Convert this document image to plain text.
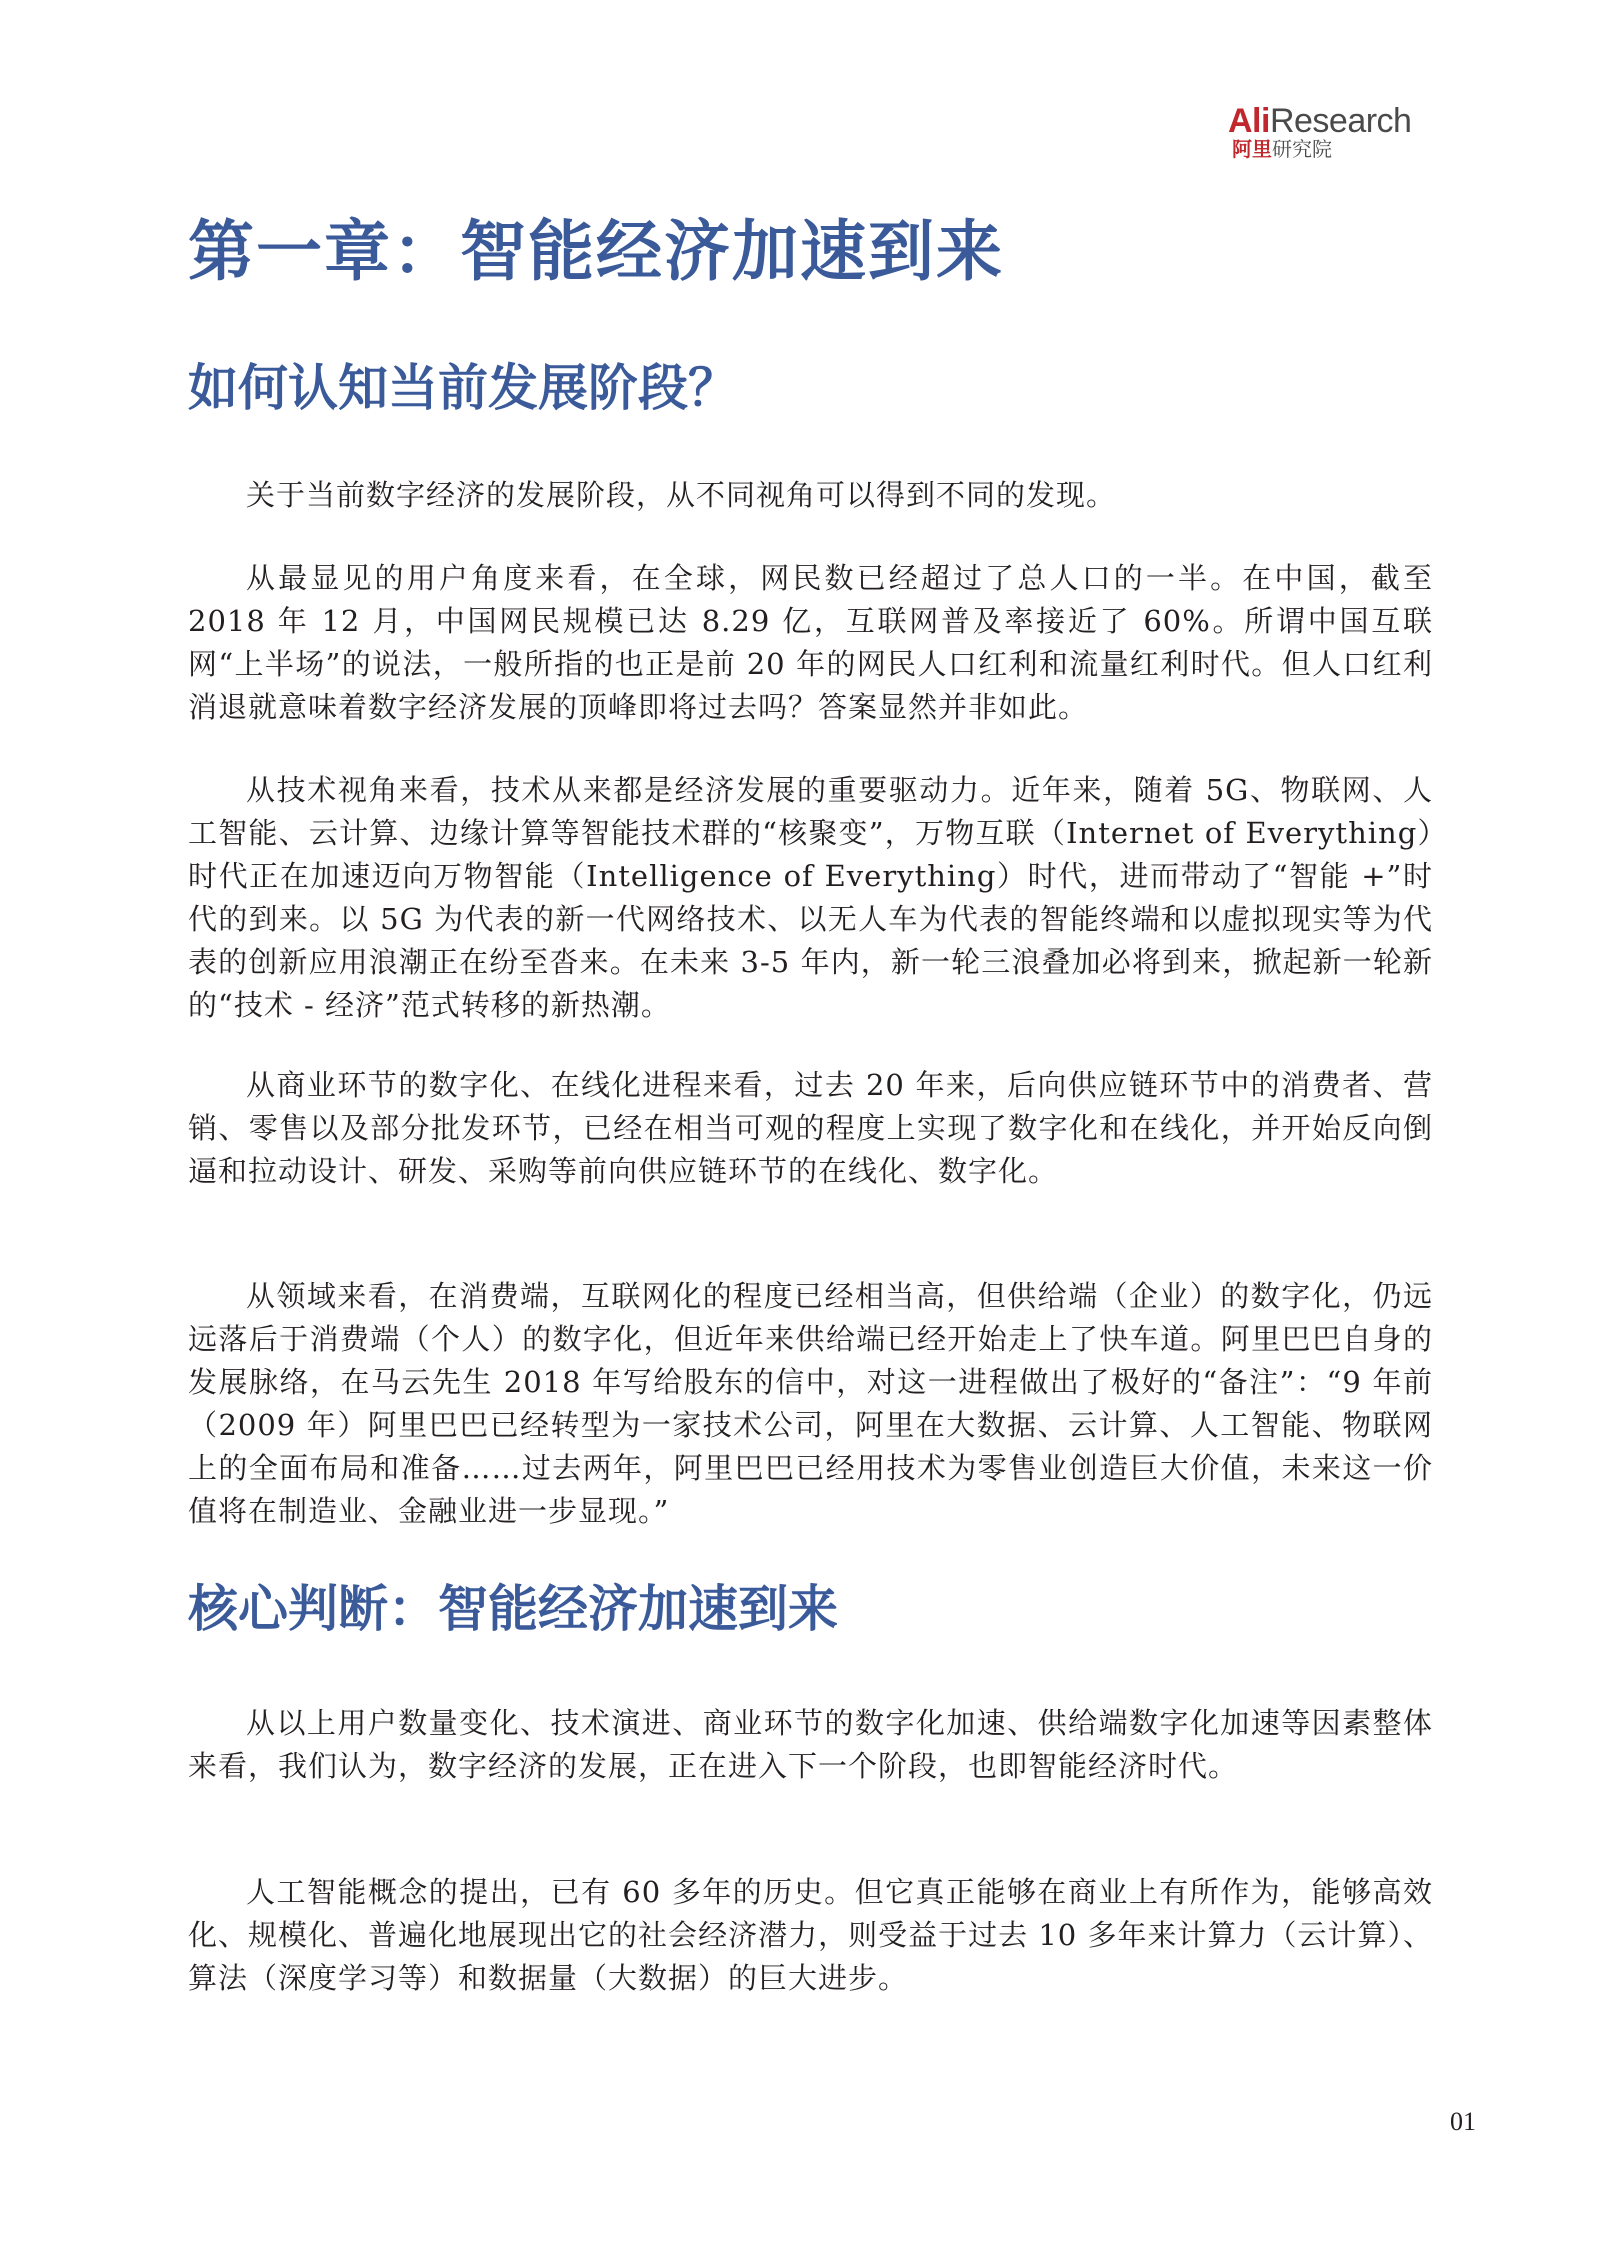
AliResearch
阿里研究院
第一章：智能经济加速到来
如何认知当前发展阶段？

关于当前数字经济的发展阶段，从不同视角可以得到不同的发现。

从最显见的用户角度来看，在全球，网民数已经超过了总人口的一半。在中国，截至 2018 年 12 月，中国网民规模已达 8.29 亿，互联网普及率接近了 60%。所谓中国互联网“上半场”的说法，一般所指的也正是前 20 年的网民人口红利和流量红利时代。但人口红利消退就意味着数字经济发展的顶峰即将过去吗？答案显然并非如此。

从技术视角来看，技术从来都是经济发展的重要驱动力。近年来，随着 5G、物联网、人工智能、云计算、边缘计算等智能技术群的“核聚变”，万物互联（Internet of Everything）时代正在加速迈向万物智能（Intelligence of Everything）时代，进而带动了“智能 +”时代的到来。以 5G 为代表的新一代网络技术、以无人车为代表的智能终端和以虚拟现实等为代表的创新应用浪潮正在纷至沓来。在未来 3-5 年内，新一轮三浪叠加必将到来，掀起新一轮新的“技术 - 经济”范式转移的新热潮。

从商业环节的数字化、在线化进程来看，过去 20 年来，后向供应链环节中的消费者、营销、零售以及部分批发环节，已经在相当可观的程度上实现了数字化和在线化，并开始反向倒逼和拉动设计、研发、采购等前向供应链环节的在线化、数字化。

从领域来看，在消费端，互联网化的程度已经相当高，但供给端（企业）的数字化，仍远远落后于消费端（个人）的数字化，但近年来供给端已经开始走上了快车道。阿里巴巴自身的发展脉络，在马云先生 2018 年写给股东的信中，对这一进程做出了极好的“备注”：“9 年前（2009 年）阿里巴巴已经转型为一家技术公司，阿里在大数据、云计算、人工智能、物联网上的全面布局和准备……过去两年，阿里巴巴已经用技术为零售业创造巨大价值，未来这一价值将在制造业、金融业进一步显现。”

核心判断：智能经济加速到来

从以上用户数量变化、技术演进、商业环节的数字化加速、供给端数字化加速等因素整体来看，我们认为，数字经济的发展，正在进入下一个阶段，也即智能经济时代。

人工智能概念的提出，已有 60 多年的历史。但它真正能够在商业上有所作为，能够高效化、规模化、普遍化地展现出它的社会经济潜力，则受益于过去 10 多年来计算力（云计算）、算法（深度学习等）和数据量（大数据）的巨大进步。

01
